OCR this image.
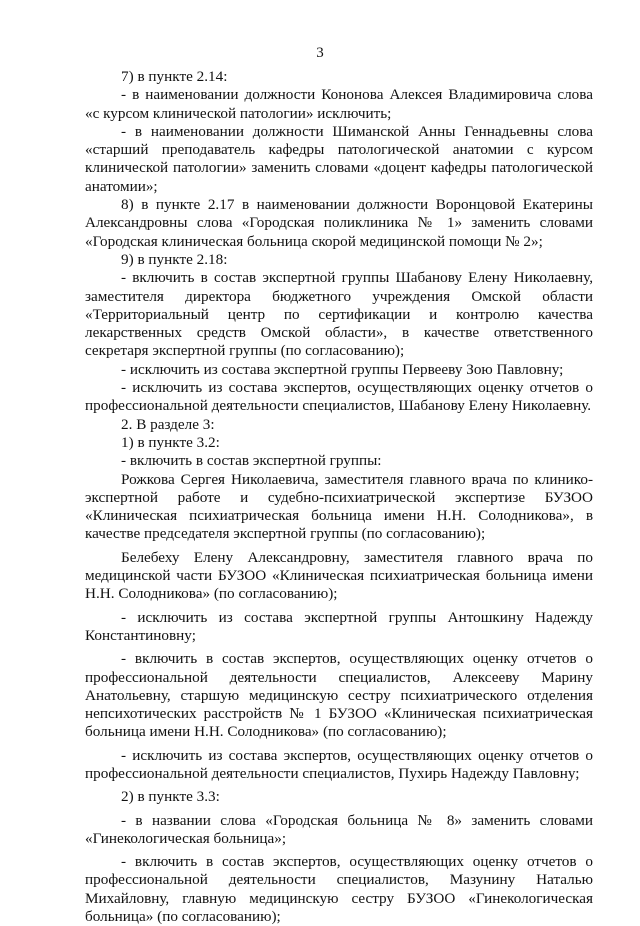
3

7) в пункте 2.14:

- в наименовании должности Кононова Алексея Владимировича слова «с курсом клинической патологии» исключить;

- в наименовании должности Шиманской Анны Геннадьевны слова «старший преподаватель кафедры патологической анатомии с курсом клинической патологии» заменить словами «доцент кафедры патологической анатомии»;

8) в пункте 2.17 в наименовании должности Воронцовой Екатерины Александровны слова «Городская поликлиника № 1» заменить словами «Городская клиническая больница скорой медицинской помощи № 2»;

9) в пункте 2.18:

- включить в состав экспертной группы Шабанову Елену Николаевну, заместителя директора бюджетного учреждения Омской области «Территориальный центр по сертификации и контролю качества лекарственных средств Омской области», в качестве ответственного секретаря экспертной группы (по согласованию);

- исключить из состава экспертной группы Первееву Зою Павловну;

- исключить из состава экспертов, осуществляющих оценку отчетов о профессиональной деятельности специалистов, Шабанову Елену Николаевну.

2. В разделе 3:

1) в пункте 3.2:

- включить в состав экспертной группы:

Рожкова Сергея Николаевича, заместителя главного врача по клинико-экспертной работе и судебно-психиатрической экспертизе БУЗОО «Клиническая психиатрическая больница имени Н.Н. Солодникова», в качестве председателя экспертной группы (по согласованию);

Белебеху Елену Александровну, заместителя главного врача по медицинской части БУЗОО «Клиническая психиатрическая больница имени Н.Н. Солодникова» (по согласованию);

- исключить из состава экспертной группы Антошкину Надежду Константиновну;

- включить в состав экспертов, осуществляющих оценку отчетов о профессиональной деятельности специалистов, Алексееву Марину Анатольевну, старшую медицинскую сестру психиатрического отделения непсихотических расстройств № 1 БУЗОО «Клиническая психиатрическая больница имени Н.Н. Солодникова» (по согласованию);

- исключить из состава экспертов, осуществляющих оценку отчетов о профессиональной деятельности специалистов, Пухирь Надежду Павловну;

2) в пункте 3.3:

- в названии слова «Городская больница № 8» заменить словами «Гинекологическая больница»;

- включить в состав экспертов, осуществляющих оценку отчетов о профессиональной деятельности специалистов, Мазунину Наталью Михайловну, главную медицинскую сестру БУЗОО «Гинекологическая больница» (по согласованию);
